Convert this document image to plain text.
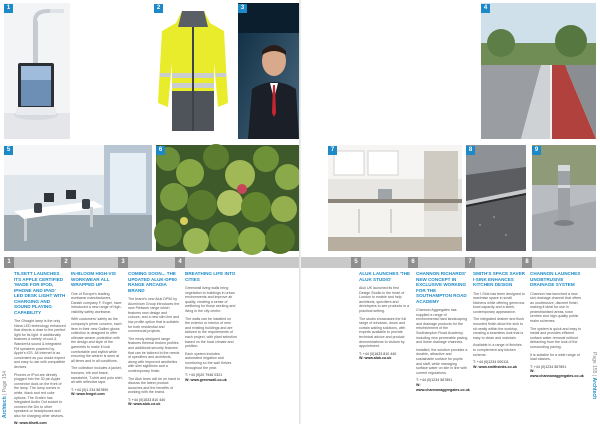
1	2	3
5	6
1	2	3	4
TILSETT LAUNCHES ITS APPLE CERTIFIED 'MADE FOR IPOD, IPHONE AND IPAD' LED DESK LIGHT WITH CHARGING AND SOUND PLAYING CAPABILITY

The Ghraght lamp is the only Nana LED technology enhanced that directs a dose to the perfect light for its light. It additionally features a variety of cool & Wanderful sound & integrated FM speakers powered by Apple's iOS. All Internet is as convenient as you would expect and easy to use with compatible devices.

Phones or iPod are directly plugged into the 30 pin Apple connector dock on the front of the lamp. The lamp comes in white, black and red color options. The Grafen has integrated Audio Out socket to connect the Dio to other speakers or headphones and also for charging other devices.

W: www.tilsett.com
IN-BLOOM HIGH-VIS WORKWEAR ALL WRAPPED UP

One of Europe's leading workwear manufacturers, Danish company F. Engel, have introduced a new range of high-visibility safety workwear.

With customers' safety as the company's prime concern, each item in their new Galileo glows collection is designed to offer ultimate wearer protection with the design and style of the garments to make it look comfortable and stylish while ensuring the wearer is seen at all times and in all conditions.

The collection includes a jacket, trousers, bib and brace, sweatshirt, T-shirt and polo shirt, all with reflective tape.

T: +44 (0)1 234 567890
W: www.fengel.com
COMING SOON... THE UPDATED ALUK-DP50 RANGE ARCADIA BRAND

The brand's new Aluk DP50 by Aluminium Group introduces the new Pielwork range which features new design and colours, and a new slim line and low profile option that is suitable for both residential and commercial projects.

The newly designed range features thermal broken profiles and additional security features that can be tailored to the needs of specifiers and architects, along with improved aesthetics with slim sightlines and a contemporary finish.

The Aluk team will be on hand to discuss the latest product launches and the benefits of working with the brand.

T: +44 (0)1633 810 440
W: www.aluk.co.uk
BREATHING LIFE INTO CITIES

Greenwall living walls bring vegetation to buildings in urban environments and improve air quality, creating a sense of wellbeing for those working and living in the city centre.

The walls can be installed on the exterior or interior of new and existing buildings and are tailored to the requirements of each project, with plant selection based on the local climate and position.

Each system includes automated irrigation and monitoring so the wall thrives throughout the year.

T: +44 (0)20 7946 0321
W: www.greenwall.co.uk
Archtech | Page 154
4
7	8	9
5	6	7	8
ALUK LAUNCHES 'THE ALUK STUDIO'

Aluk UK launched its first Design Studio in the heart of London to enable and help architects, specifiers and developers to see products in a practical setting.

The studio showcases the full range of windows, doors and curtain walling solutions, with experts available to provide technical advice and product demonstrations to visitors by appointment.

T: +44 (0)1633 810 440
W: www.aluk.co.uk
CHANNON RICHARDS' NEW CONCEPT IN EXCLUSIVE WORKING FOR THE SOUTHAMPTON ROAD ACADEMY

Channon Aggregates has supplied a range of environmental hard landscaping and drainage products for the refurbishment of the Southampton Road Academy, including new permeable paving and linear drainage channels.

Installed, the solution provides a durable, attractive and sustainable surface for pupils and staff, while managing surface water on site in line with current regulations.

T: +44 (0)1234 567891
W: www.channonaggregates.co.uk
SMITH'S SPACE SAVER I-SINK ENHANCES KITCHEN DESIGN

The I-Sink has been designed to maximise space in small kitchens while offering generous bowl capacity and a sleek, contemporary appearance.

The integrated drainer and flush mounted finish allow the sink to sit neatly within the worktop, creating a seamless look that is easy to clean and maintain.

Available in a range of finishes to complement any kitchen scheme.

T: +44 (0)1234 000111
W: www.smithsinks.co.uk
CHANNON LAUNCHES UNOBTRUSIVE DRAINAGE SYSTEM

Channon has launched a new slot drainage channel that offers an unobtrusive, discreet finish, making it ideal for use in pedestrianised areas, town centres and high quality public realm schemes.

The system is quick and easy to install and provides efficient surface water removal without detracting from the look of the surrounding paving.

It is suitable for a wide range of load classes.

T: +44 (0)1234 567891
W: www.channonaggregates.co.uk
Page 155 | Archtech
